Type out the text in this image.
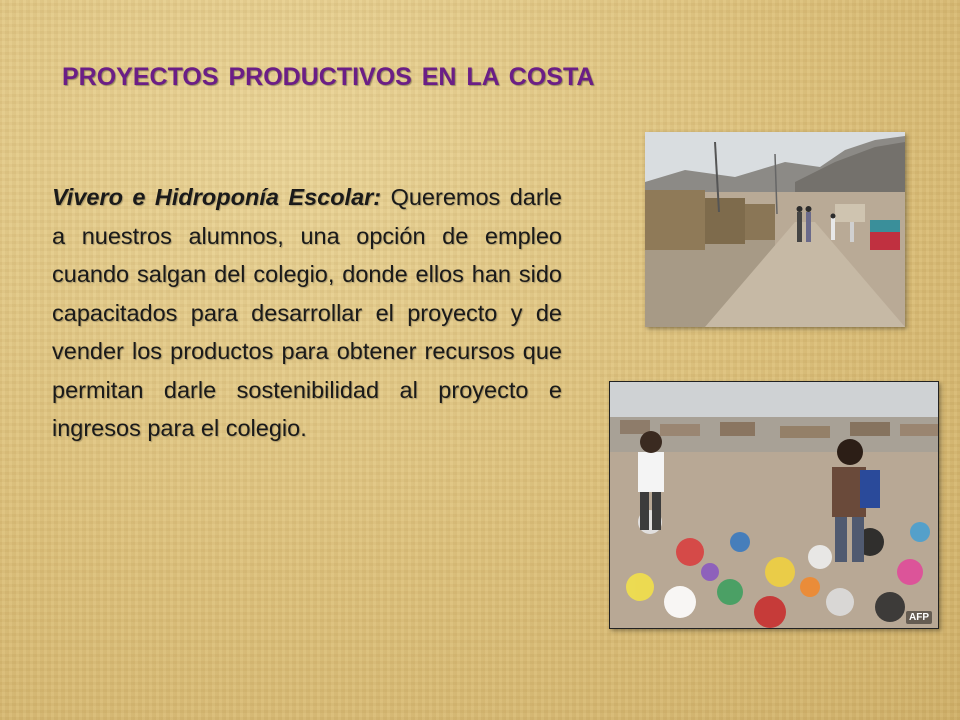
PROYECTOS PRODUCTIVOS EN LA COSTA
Vivero e Hidroponía Escolar: Queremos darle a nuestros alumnos, una opción de empleo cuando salgan del colegio, donde ellos han sido capacitados para desarrollar el proyecto y de vender los productos para obtener recursos que permitan darle sostenibilidad al proyecto e ingresos para el colegio.
AFP
